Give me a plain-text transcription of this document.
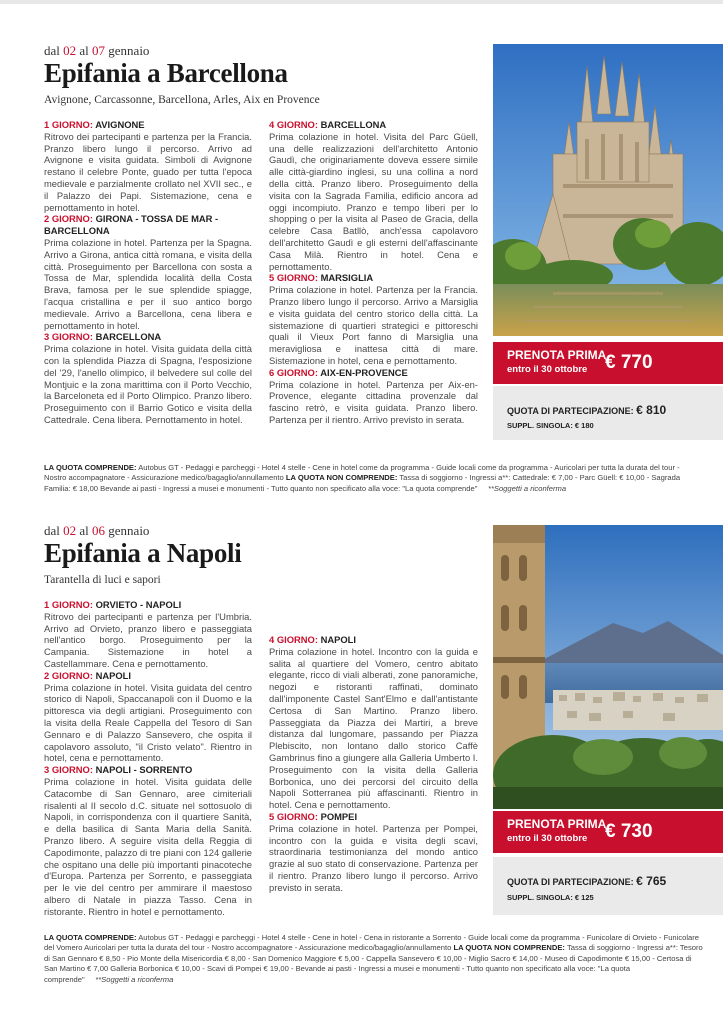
dal 02 al 07 gennaio
Epifania a Barcellona
Avignone, Carcassonne, Barcellona, Arles, Aix en Provence
1 GIORNO: AVIGNONE
Ritrovo dei partecipanti e partenza per la Francia. Pranzo libero lungo il percorso. Arrivo ad Avignone e visita guidata. Simboli di Avignone restano il celebre Ponte, guado per tutta l'epoca medievale e parzialmente crollato nel XVII sec., e il Palazzo dei Papi. Sistemazione, cena e pernottamento in hotel.
2 GIORNO: GIRONA - TOSSA DE MAR - BARCELLONA
Prima colazione in hotel. Partenza per la Spagna. Arrivo a Girona, antica città romana, e visita della città. Proseguimento per Barcellona con sosta a Tossa de Mar, splendida località della Costa Brava, famosa per le sue splendide spiagge, l'acqua cristallina e per il suo antico borgo medievale. Arrivo a Barcellona, cena libera e pernottamento in hotel.
3 GIORNO: BARCELLONA
Prima colazione in hotel. Visita guidata della città con la splendida Piazza di Spagna, l'esposizione del '29, l'anello olimpico, il belvedere sul colle del Montjuic e la zona marittima con il Porto Vecchio, la Barceloneta ed il Porto Olimpico. Pranzo libero. Proseguimento con il Barrio Gotico e visita della Cattedrale. Cena libera. Pernottamento in hotel.
4 GIORNO: BARCELLONA
Prima colazione in hotel. Visita del Parc Güell, una delle realizzazioni dell'architetto Antonio Gaudì, che originariamente doveva essere simile alle città-giardino inglesi, su una collina a nord della città. Pranzo libero. Proseguimento della visita con la Sagrada Familia, edificio ancora ad oggi incompiuto. Pranzo e tempo liberi per lo shopping o per la visita al Paseo de Gracia, della celebre Casa Batllò, anch'essa capolavoro dell'architetto Gaudì e gli esterni dell'affascinante Casa Milà. Rientro in hotel. Cena e pernottamento.
5 GIORNO: MARSIGLIA
Prima colazione in hotel. Partenza per la Francia. Pranzo libero lungo il percorso. Arrivo a Marsiglia e visita guidata del centro storico della città. La sistemazione di quartieri strategici e pittoreschi quali il Vieux Port fanno di Marsiglia una meravigliosa e inattesa città di mare. Sistemazione in hotel, cena e pernottamento.
6 GIORNO: AIX-EN-PROVENCE
Prima colazione in hotel. Partenza per Aix-en-Provence, elegante cittadina provenzale dal fascino retrò, e visita guidata. Pranzo libero. Partenza per il rientro. Arrivo previsto in serata.
PRENOTA PRIMA
entro il 30 ottobre € 770
QUOTA DI PARTECIPAZIONE: € 810
SUPPL. SINGOLA: € 180
LA QUOTA COMPRENDE: Autobus GT - Pedaggi e parcheggi - Hotel 4 stelle - Cene in hotel come da programma - Guide locali come da programma - Auricolari per tutta la durata del tour - Nostro accompagnatore - Assicurazione medico/bagaglio/annullamento LA QUOTA NON COMPRENDE: Tassa di soggiorno - Ingressi a**: Cattedrale: € 7,00 - Parc Güell: € 10,00 - Sagrada Familia: € 18,00 Bevande ai pasti - Ingressi a musei e monumenti - Tutto quanto non specificato alla voce: "La quota comprende" **Soggetti a riconferma
dal 02 al 06 gennaio
Epifania a Napoli
Tarantella di luci e sapori
1 GIORNO: ORVIETO - NAPOLI
Ritrovo dei partecipanti e partenza per l'Umbria. Arrivo ad Orvieto, pranzo libero e passeggiata nell'antico borgo. Proseguimento per la Campania. Sistemazione in hotel a Castellammare. Cena e pernottamento.
2 GIORNO: NAPOLI
Prima colazione in hotel. Visita guidata del centro storico di Napoli, Spaccanapoli con il Duomo e la pittoresca via degli artigiani. Proseguimento con la visita della Reale Cappella del Tesoro di San Gennaro e di Palazzo Sansevero, che ospita il capolavoro assoluto, "il Cristo velato". Rientro in hotel, cena e pernottamento.
3 GIORNO: NAPOLI - SORRENTO
Prima colazione in hotel. Visita guidata delle Catacombe di San Gennaro, aree cimiteriali risalenti al II secolo d.C. situate nel sottosuolo di Napoli, in corrispondenza con il quartiere Sanità, e della basilica di Santa Maria della Sanità. Pranzo libero. A seguire visita della Reggia di Capodimonte, palazzo di tre piani con 124 gallerie che ospitano una delle più importanti pinacoteche d'Europa. Partenza per Sorrento, e passeggiata per le vie del centro per ammirare il maestoso albero di Natale in piazza Tasso. Cena in ristorante. Rientro in hotel e pernottamento.
4 GIORNO: NAPOLI
Prima colazione in hotel. Incontro con la guida e salita al quartiere del Vomero, centro abitato elegante, ricco di viali alberati, zone panoramiche, negozi e ristoranti raffinati, dominato dall'imponente Castel Sant'Elmo e dall'antistante Certosa di San Martino. Pranzo libero. Passeggiata da Piazza dei Martiri, a breve distanza dal lungomare, passando per Piazza Plebiscito, non lontano dallo storico Caffè Gambrinus fino a giungere alla Galleria Umberto I. Proseguimento con la visita della Galleria Borbonica, uno dei percorsi del circuito della Napoli Sotterranea più affascinanti. Rientro in hotel. Cena e pernottamento.
5 GIORNO: POMPEI
Prima colazione in hotel. Partenza per Pompei, incontro con la guida e visita degli scavi, straordinaria testimonianza del mondo antico grazie al suo stato di conservazione. Partenza per il rientro. Pranzo libero lungo il percorso. Arrivo previsto in serata.
PRENOTA PRIMA
entro il 30 ottobre € 730
QUOTA DI PARTECIPAZIONE: € 765
SUPPL. SINGOLA: € 125
LA QUOTA COMPRENDE: Autobus GT - Pedaggi e parcheggi - Hotel 4 stelle - Cene in hotel - Cena in ristorante a Sorrento - Guide locali come da programma - Funicolare di Orvieto - Funicolare del Vomero Auricolari per tutta la durata del tour - Nostro accompagnatore - Assicurazione medico/bagaglio/annullamento LA QUOTA NON COMPRENDE: Tassa di soggiorno - Ingressi a**: Tesoro di San Gennaro € 8,50 - Pio Monte della Misericordia € 8,00 - San Domenico Maggiore € 5,00 - Cappella Sansevero € 10,00 - Miglio Sacro € 14,00 - Museo di Capodimonte € 15,00 - Certosa di San Martino € 7,00 Galleria Borbonica € 10,00 - Scavi di Pompei € 19,00 - Bevande ai pasti - Ingressi a musei e monumenti - Tutto quanto non specificato alla voce: "La quota comprende" **Soggetti a riconferma
